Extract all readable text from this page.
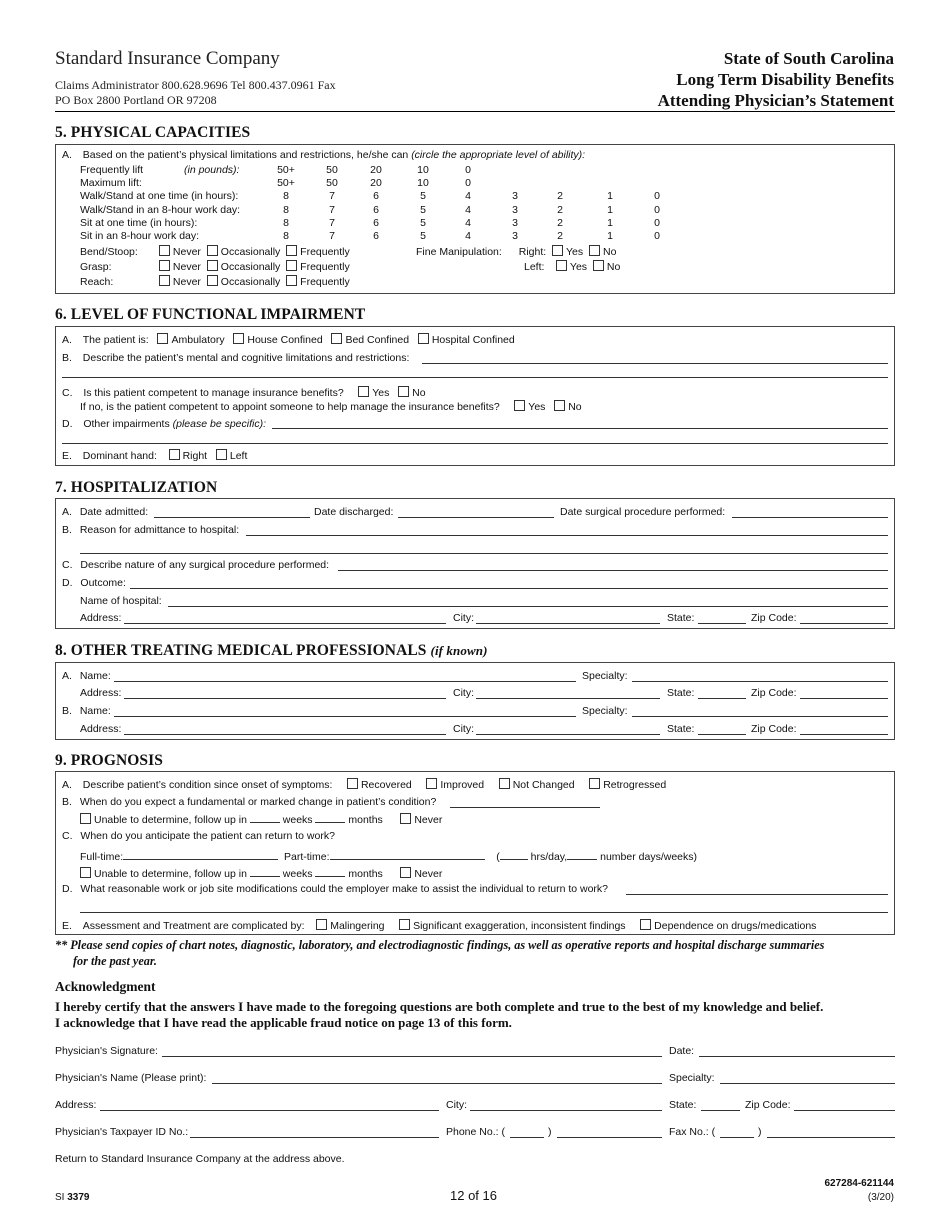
Standard Insurance Company
Claims Administrator 800.628.9696 Tel 800.437.0961 Fax
PO Box 2800 Portland OR 97208
State of South Carolina
Long Term Disability Benefits
Attending Physician’s Statement
5. PHYSICAL CAPACITIES
A. Based on the patient’s physical limitations and restrictions, he/she can (circle the appropriate level of ability):
Frequently lift	(in pounds):	50+	50	20	10	0
Maximum lift:	50+	50	20	10	0
Walk/Stand at one time (in hours):	8	7	6	5	4	3	2	1	0
Walk/Stand in an 8-hour work day:	8	7	6	5	4	3	2	1	0
Sit at one time (in hours):	8	7	6	5	4	3	2	1	0
Sit in an 8-hour work day:	8	7	6	5	4	3	2	1	0
Bend/Stoop:	Never Occasionally Frequently
Grasp:	Never Occasionally Frequently
Reach:	Never Occasionally Frequently
Fine Manipulation: Right: Yes No
Left: Yes No
6. LEVEL OF FUNCTIONAL IMPAIRMENT
A. The patient is: Ambulatory House Confined Bed Confined Hospital Confined
B. Describe the patient’s mental and cognitive limitations and restrictions:
C. Is this patient competent to manage insurance benefits?	Yes No
If no, is the patient competent to appoint someone to help manage the insurance benefits?	Yes No
D. Other impairments (please be specific):
E. Dominant hand: Right Left
7. HOSPITALIZATION
A. Date admitted:	Date discharged:	Date surgical procedure performed:
B. Reason for admittance to hospital:
C. Describe nature of any surgical procedure performed:
D. Outcome:
Name of hospital:
Address:	City:	State:	Zip Code:
8. OTHER TREATING MEDICAL PROFESSIONALS (if known)
A. Name:	Specialty:
Address:	City:	State:	Zip Code:
B. Name:	Specialty:
Address:	City:	State:	Zip Code:
9. PROGNOSIS
A. Describe patient’s condition since onset of symptoms:	Recovered	Improved	Not Changed	Retrogressed
B. When do you expect a fundamental or marked change in patient’s condition?
Unable to determine, follow up in	weeks	months	Never
C. When do you anticipate the patient can return to work?
Full-time:	Part-time:	(	hrs/day,	number days/weeks)
Unable to determine, follow up in	weeks	months	Never
D. What reasonable work or job site modifications could the employer make to assist the individual to return to work?
E. Assessment and Treatment are complicated by: Malingering	Significant exaggeration, inconsistent findings	Dependence on drugs/medications
** Please send copies of chart notes, diagnostic, laboratory, and electrodiagnostic findings, as well as operative reports and hospital discharge summaries
for the past year.
Acknowledgment
I hereby certify that the answers I have made to the foregoing questions are both complete and true to the best of my knowledge and belief.
I acknowledge that I have read the applicable fraud notice on page 13 of this form.
Physician's Signature:	Date:
Physician's Name (Please print):	Specialty:
Address:	City:	State:	Zip Code:
Physician's Taxpayer ID No.:	Phone No.: (	)	Fax No.: (	)
Return to Standard Insurance Company at the address above.
SI 3379	12 of 16
627284-621144
(3/20)
